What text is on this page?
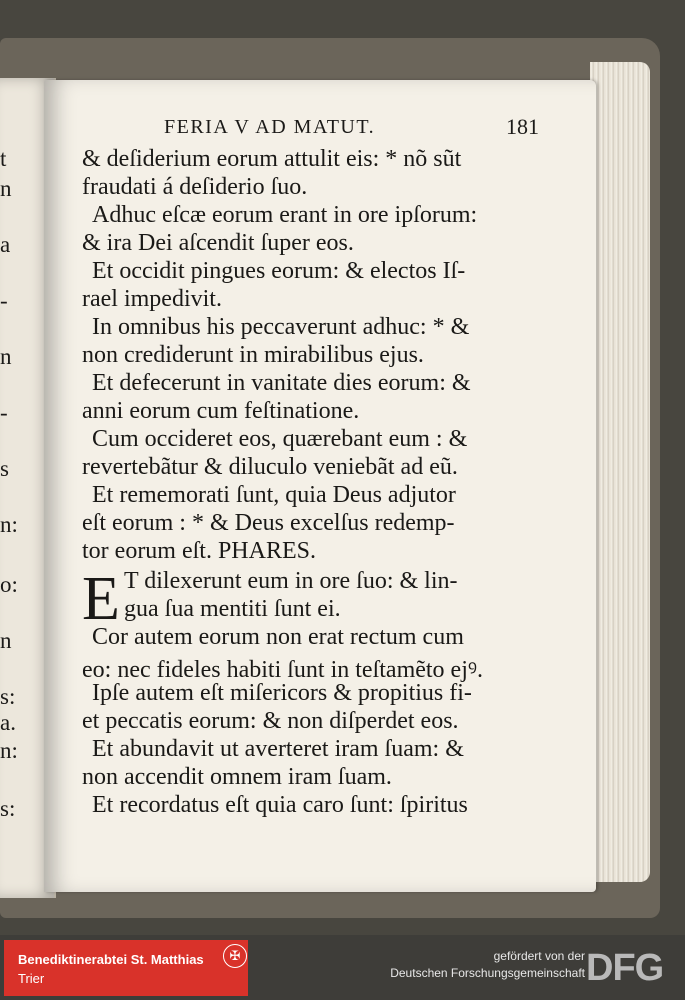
t
n
a
-
n
-
s
n:
o:
n
s:
a.
n:
s:
FERIA V AD MATUT.	181
& deſiderium eorum attulit eis: * nõ sũt
fraudati á deſiderio ſuo.
Adhuc eſcæ eorum erant in ore ipſorum:
& ira Dei aſcendit ſuper eos.
Et occidit pingues eorum: & electos Iſ-
rael impedivit.
In omnibus his peccaverunt adhuc: * &
non crediderunt in mirabilibus ejus.
Et defecerunt in vanitate dies eorum: &
anni eorum cum feſtinatione.
Cum occideret eos, quærebant eum : &
revertebãtur & diluculo veniebãt ad eũ.
Et rememorati ſunt, quia Deus adjutor
eſt eorum : * & Deus excelſus redemp-
tor eorum eſt. PHARES.
E T dilexerunt eum in ore ſuo: & lin-
gua ſua mentiti ſunt ei.
Cor autem eorum non erat rectum cum
eo: nec fideles habiti ſunt in teſtamẽto ejꝰ.
Ipſe autem eſt miſericors & propitius fi-
et peccatis eorum: & non diſperdet eos.
Et abundavit ut averteret iram ſuam: &
non accendit omnem iram ſuam.
Et recordatus eſt quia caro ſunt: ſpiritus
Benediktinerabtei St. Matthias
Trier
✠	gefördert von der
Deutschen Forschungsgemeinschaft DFG
